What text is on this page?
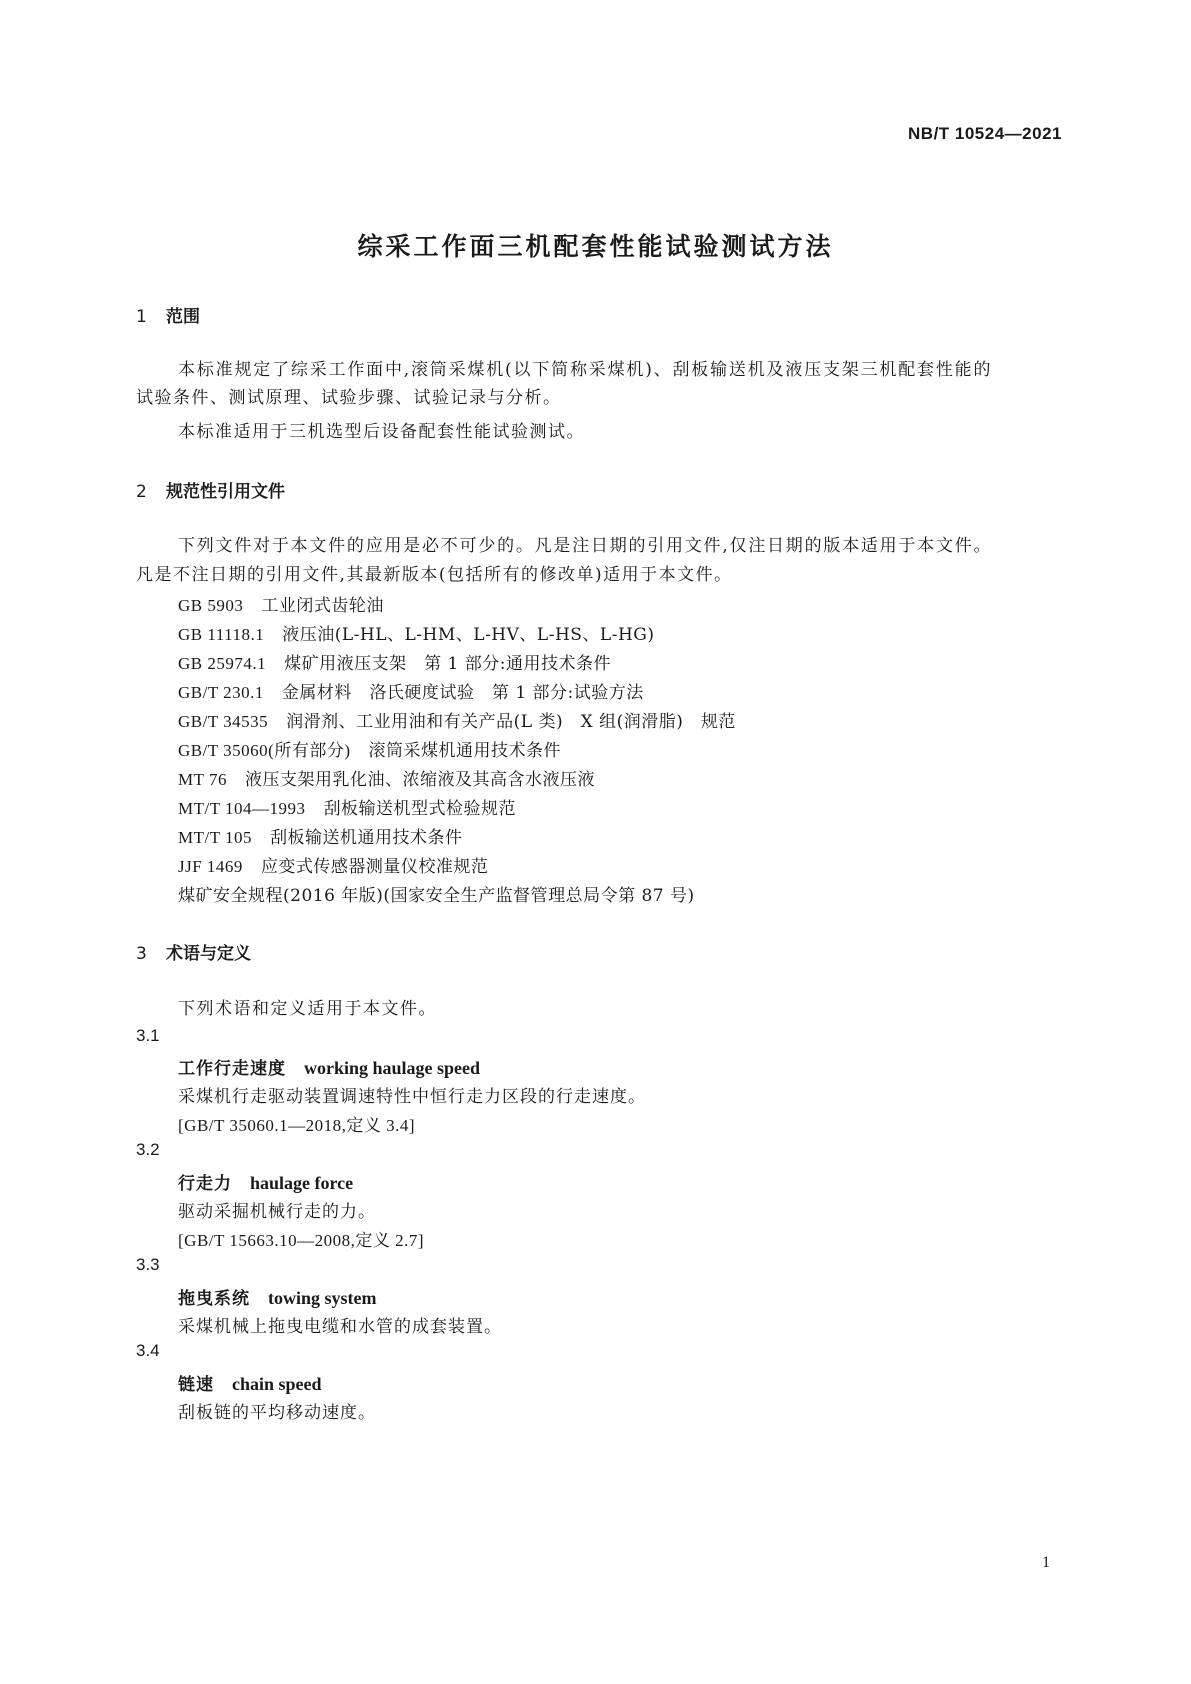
NB/T 10524—2021
综采工作面三机配套性能试验测试方法
1 范围
本标准规定了综采工作面中,滚筒采煤机(以下简称采煤机)、刮板输送机及液压支架三机配套性能的试验条件、测试原理、试验步骤、试验记录与分析。
本标准适用于三机选型后设备配套性能试验测试。
2 规范性引用文件
下列文件对于本文件的应用是必不可少的。凡是注日期的引用文件,仅注日期的版本适用于本文件。凡是不注日期的引用文件,其最新版本(包括所有的修改单)适用于本文件。
GB 5903 工业闭式齿轮油
GB 11118.1 液压油(L-HL、L-HM、L-HV、L-HS、L-HG)
GB 25974.1 煤矿用液压支架　第 1 部分:通用技术条件
GB/T 230.1 金属材料　洛氏硬度试验　第 1 部分:试验方法
GB/T 34535 润滑剂、工业用油和有关产品(L 类)　X 组(润滑脂)　规范
GB/T 35060(所有部分) 滚筒采煤机通用技术条件
MT 76 液压支架用乳化油、浓缩液及其高含水液压液
MT/T 104—1993 刮板输送机型式检验规范
MT/T 105 刮板输送机通用技术条件
JJF 1469 应变式传感器测量仪校准规范
煤矿安全规程(2016 年版)(国家安全生产监督管理总局令第 87 号)
3 术语与定义
下列术语和定义适用于本文件。
3.1
工作行走速度 working haulage speed
采煤机行走驱动装置调速特性中恒行走力区段的行走速度。
[GB/T 35060.1—2018,定义 3.4]
3.2
行走力 haulage force
驱动采掘机械行走的力。
[GB/T 15663.10—2008,定义 2.7]
3.3
拖曳系统 towing system
采煤机械上拖曳电缆和水管的成套装置。
3.4
链速 chain speed
刮板链的平均移动速度。
1
